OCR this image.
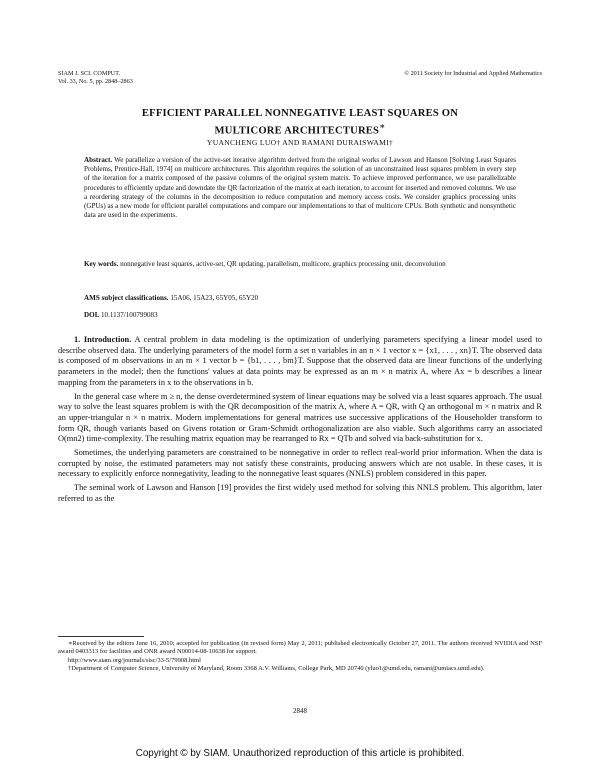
SIAM J. SCI. COMPUT.
Vol. 33, No. 5, pp. 2848–2863
© 2011 Society for Industrial and Applied Mathematics
EFFICIENT PARALLEL NONNEGATIVE LEAST SQUARES ON
MULTICORE ARCHITECTURES∗
YUANCHENG LUO† AND RAMANI DURAISWAMI†
Abstract. We parallelize a version of the active-set iterative algorithm derived from the original works of Lawson and Hanson [Solving Least Squares Problems, Prentice-Hall, 1974] on multicore architectures. This algorithm requires the solution of an unconstrained least squares problem in every step of the iteration for a matrix composed of the passive columns of the original system matrix. To achieve improved performance, we use parallelizable procedures to efficiently update and downdate the QR factorization of the matrix at each iteration, to account for inserted and removed columns. We use a reordering strategy of the columns in the decomposition to reduce computation and memory access costs. We consider graphics processing units (GPUs) as a new mode for efficient parallel computations and compare our implementations to that of multicore CPUs. Both synthetic and nonsynthetic data are used in the experiments.
Key words. nonnegative least squares, active-set, QR updating, parallelism, multicore, graphics processing unit, deconvolution
AMS subject classifications. 15A06, 15A23, 65Y05, 65Y20
DOI. 10.1137/100799083

1. Introduction. A central problem in data modeling is the optimization of underlying parameters specifying a linear model used to describe observed data. The underlying parameters of the model form a set n variables in an n × 1 vector x = {x1, . . . , xn}T. The observed data is composed of m observations in an m × 1 vector b = {b1, . . . , bm}T. Suppose that the observed data are linear functions of the underlying parameters in the model; then the functions' values at data points may be expressed as an m × n matrix A, where Ax = b describes a linear mapping from the parameters in x to the observations in b.

In the general case where m ≥ n, the dense overdetermined system of linear equations may be solved via a least squares approach. The usual way to solve the least squares problem is with the QR decomposition of the matrix A, where A = QR, with Q an orthogonal m × n matrix and R an upper-triangular n × n matrix. Modern implementations for general matrices use successive applications of the Householder transform to form QR, though variants based on Givens rotation or Gram-Schmidt orthogonalization are also viable. Such algorithms carry an associated O(mn2) time-complexity. The resulting matrix equation may be rearranged to Rx = QTb and solved via back-substitution for x.

Sometimes, the underlying parameters are constrained to be nonnegative in order to reflect real-world prior information. When the data is corrupted by noise, the estimated parameters may not satisfy these constraints, producing answers which are not usable. In these cases, it is necessary to explicitly enforce nonnegativity, leading to the nonnegative least squares (NNLS) problem considered in this paper.

The seminal work of Lawson and Hanson [19] provides the first widely used method for solving this NNLS problem. This algorithm, later referred to as the

∗Received by the editors June 16, 2010; accepted for publication (in revised form) May 2, 2011; published electronically October 27, 2011. The authors received NVIDIA and NSF award 0403313 for facilities and ONR award N00014-08-10638 for support.

http://www.siam.org/journals/sisc/33-5/79908.html

†Department of Computer Science, University of Maryland, Room 3368 A.V. Williams, College Park, MD 20740 (yluo1@umd.edu, ramani@umiacs.umd.edu).

2848
Copyright © by SIAM. Unauthorized reproduction of this article is prohibited.
